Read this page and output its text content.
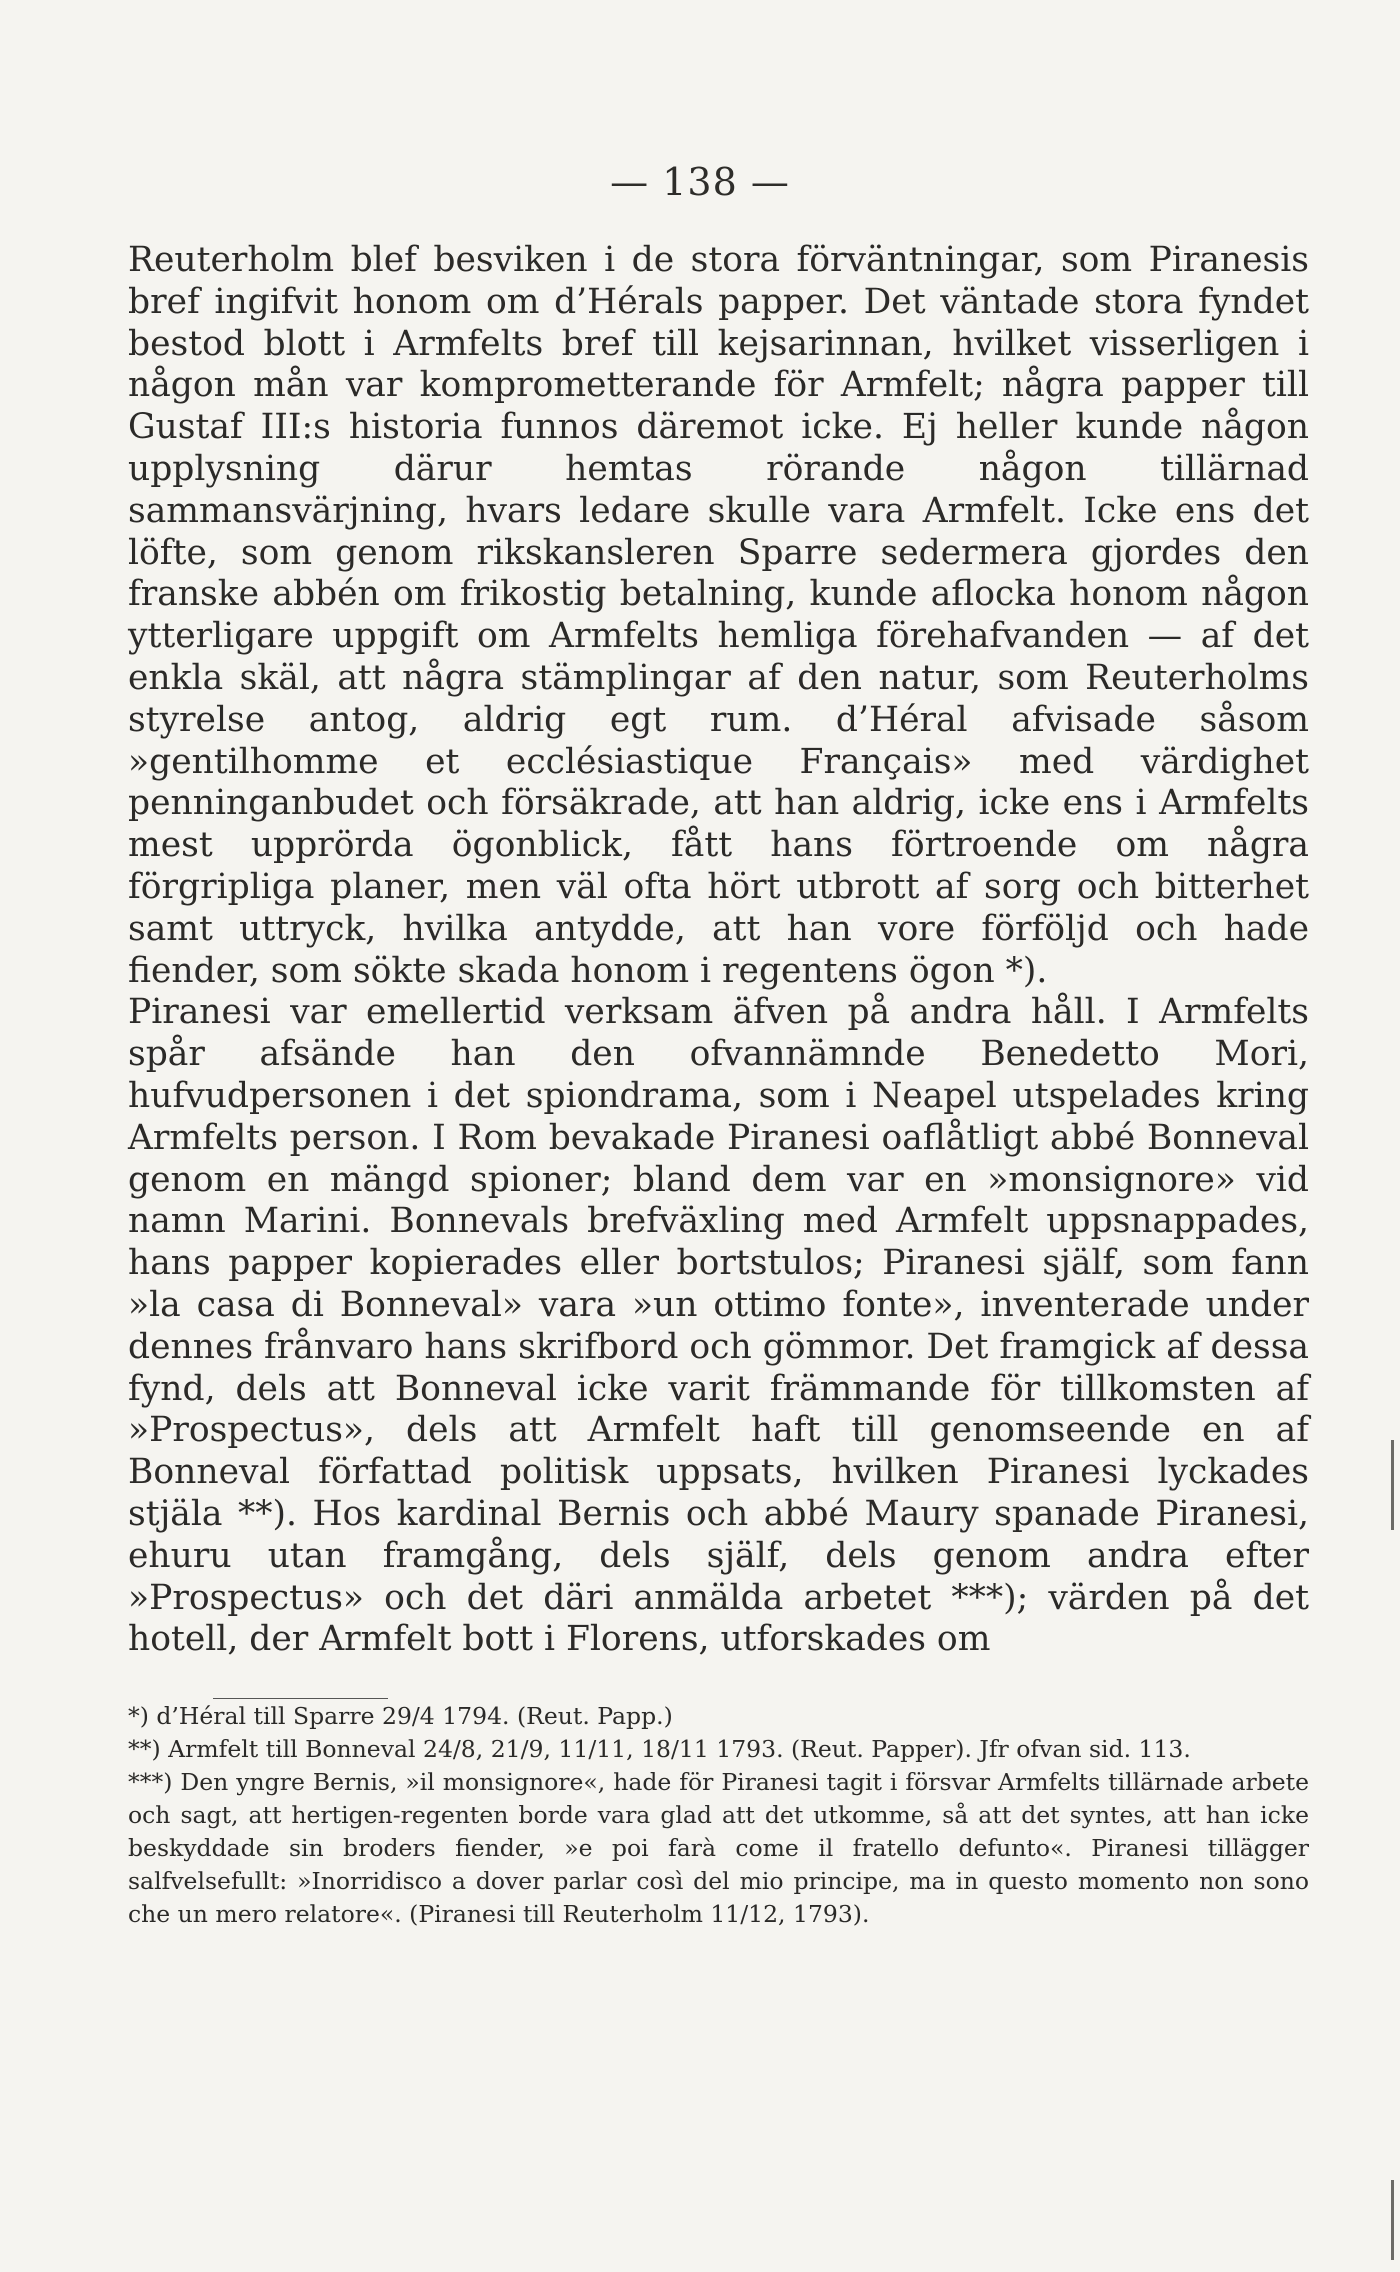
— 138 —

Reuterholm blef besviken i de stora förväntningar, som Piranesis bref ingifvit honom om d’Hérals papper. Det väntade stora fyndet bestod blott i Armfelts bref till kejsarinnan, hvilket visserligen i någon mån var komprometterande för Armfelt; några papper till Gustaf III:s historia funnos däremot icke. Ej heller kunde någon upplysning därur hemtas rörande någon tillärnad sammansvärjning, hvars ledare skulle vara Armfelt. Icke ens det löfte, som genom rikskansleren Sparre sedermera gjordes den franske abbén om frikostig betalning, kunde aflocka honom någon ytterligare uppgift om Armfelts hemliga förehafvanden — af det enkla skäl, att några stämplingar af den natur, som Reuterholms styrelse antog, aldrig egt rum. d’Héral afvisade såsom »gentilhomme et ecclésiastique Français» med värdighet penninganbudet och försäkrade, att han aldrig, icke ens i Armfelts mest upprörda ögonblick, fått hans förtroende om några förgripliga planer, men väl ofta hört utbrott af sorg och bitterhet samt uttryck, hvilka antydde, att han vore förföljd och hade fiender, som sökte skada honom i regentens ögon *).

Piranesi var emellertid verksam äfven på andra håll. I Armfelts spår afsände han den ofvannämnde Benedetto Mori, hufvudpersonen i det spiondrama, som i Neapel utspelades kring Armfelts person. I Rom bevakade Piranesi oaflåtligt abbé Bonneval genom en mängd spioner; bland dem var en »monsignore» vid namn Marini. Bonnevals brefväxling med Armfelt uppsnappades, hans papper kopierades eller bortstulos; Piranesi själf, som fann »la casa di Bonneval» vara »un ottimo fonte», inventerade under dennes frånvaro hans skrifbord och gömmor. Det framgick af dessa fynd, dels att Bonneval icke varit främmande för tillkomsten af »Prospectus», dels att Armfelt haft till genomseende en af Bonneval författad politisk uppsats, hvilken Piranesi lyckades stjäla **). Hos kardinal Bernis och abbé Maury spanade Piranesi, ehuru utan framgång, dels själf, dels genom andra efter »Prospectus» och det däri anmälda arbetet ***); värden på det hotell, der Armfelt bott i Florens, utforskades om

*) d’Héral till Sparre 29/4 1794. (Reut. Papp.)

**) Armfelt till Bonneval 24/8, 21/9, 11/11, 18/11 1793. (Reut. Papper). Jfr ofvan sid. 113.

***) Den yngre Bernis, »il monsignore«, hade för Piranesi tagit i försvar Armfelts tillärnade arbete och sagt, att hertigen-regenten borde vara glad att det utkomme, så att det syntes, att han icke beskyddade sin broders fiender, »e poi farà come il fratello defunto«. Piranesi tillägger salfvelsefullt: »Inorridisco a dover parlar così del mio principe, ma in questo momento non sono che un mero relatore«. (Piranesi till Reuterholm 11/12, 1793).
